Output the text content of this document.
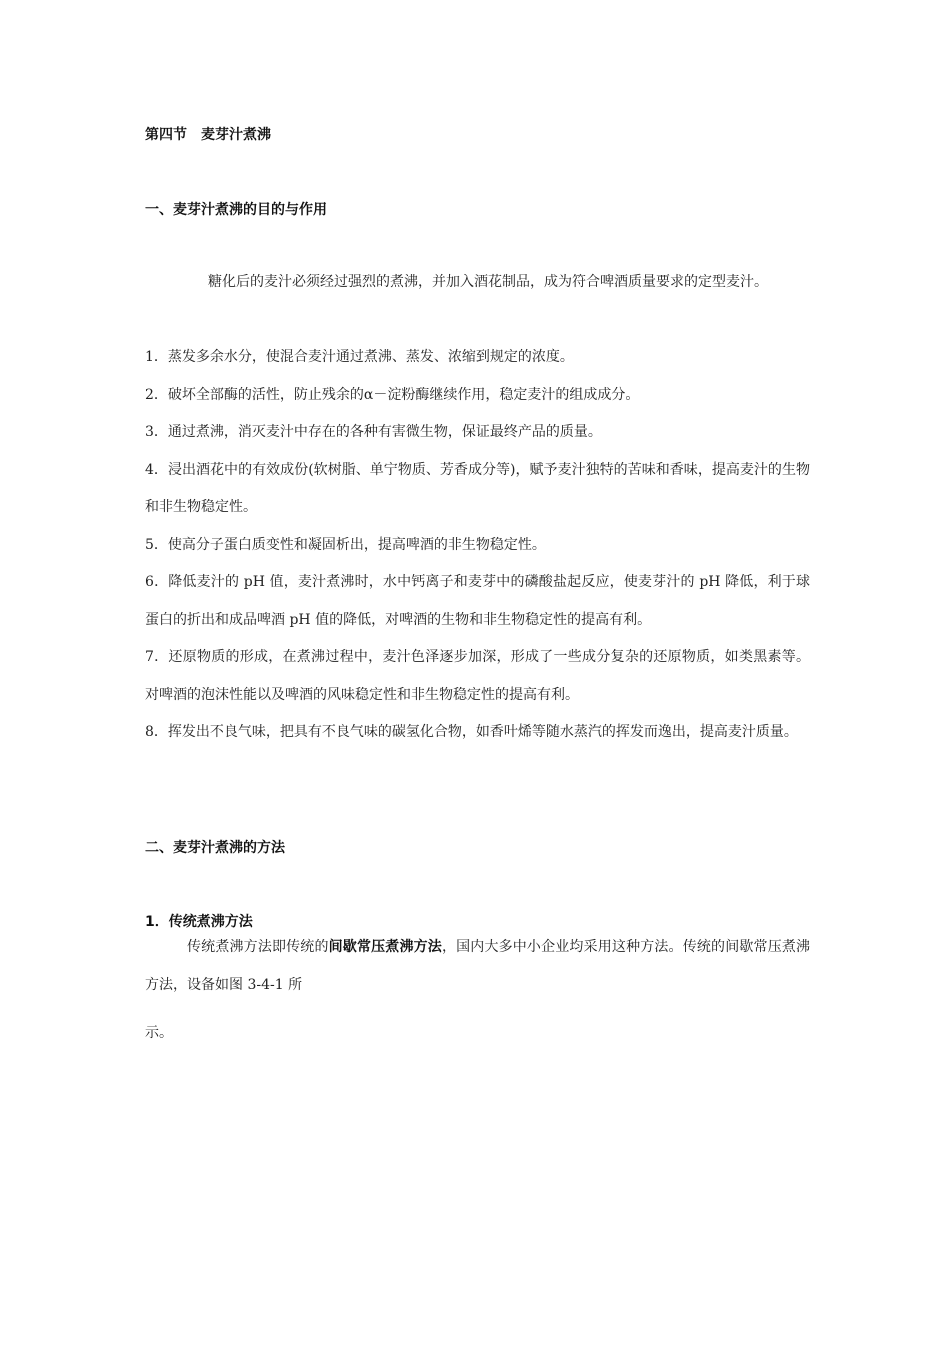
第四节　麦芽汁煮沸
一、麦芽汁煮沸的目的与作用
糖化后的麦汁必须经过强烈的煮沸，并加入酒花制品，成为符合啤酒质量要求的定型麦汁。
1．蒸发多余水分，使混合麦汁通过煮沸、蒸发、浓缩到规定的浓度。
2．破坏全部酶的活性，防止残余的α－淀粉酶继续作用，稳定麦汁的组成成分。
3．通过煮沸，消灭麦汁中存在的各种有害微生物，保证最终产品的质量。
4．浸出酒花中的有效成份(软树脂、单宁物质、芳香成分等)，赋予麦汁独特的苦味和香味，提高麦汁的生物和非生物稳定性。
5．使高分子蛋白质变性和凝固析出，提高啤酒的非生物稳定性。
6．降低麦汁的 pH 值，麦汁煮沸时，水中钙离子和麦芽中的磷酸盐起反应，使麦芽汁的 pH 降低，利于球蛋白的折出和成品啤酒 pH 值的降低，对啤酒的生物和非生物稳定性的提高有利。
7．还原物质的形成，在煮沸过程中，麦汁色泽逐步加深，形成了一些成分复杂的还原物质，如类黑素等。对啤酒的泡沫性能以及啤酒的风味稳定性和非生物稳定性的提高有利。
8．挥发出不良气味，把具有不良气味的碳氢化合物，如香叶烯等随水蒸汽的挥发而逸出，提高麦汁质量。
二、麦芽汁煮沸的方法
1．传统煮沸方法
传统煮沸方法即传统的间歇常压煮沸方法，国内大多中小企业均采用这种方法。传统的间歇常压煮沸方法，设备如图 3-4-1 所
示。
